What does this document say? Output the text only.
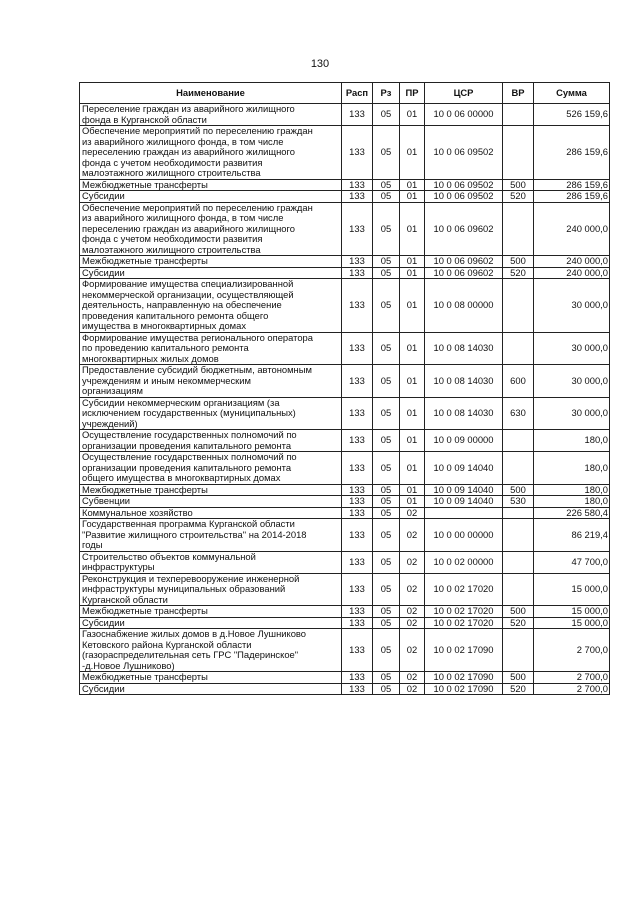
130
Наименование	Расп	Рз	ПР	ЦСР	ВР	Сумма
Переселение граждан из аварийного жилищного
фонда в Курганской области	133	05	01	10 0 06 00000		526 159,6
Обеспечение мероприятий по переселению граждан
из аварийного жилищного фонда, в том числе
переселению граждан из аварийного жилищного
фонда с учетом необходимости развития
малоэтажного жилищного строительства	133	05	01	10 0 06 09502		286 159,6
Межбюджетные трансферты	133	05	01	10 0 06 09502	500	286 159,6
Субсидии	133	05	01	10 0 06 09502	520	286 159,6
Обеспечение мероприятий по переселению граждан
из аварийного жилищного фонда, в том числе
переселению граждан из аварийного жилищного
фонда с учетом необходимости развития
малоэтажного жилищного строительства	133	05	01	10 0 06 09602		240 000,0
Межбюджетные трансферты	133	05	01	10 0 06 09602	500	240 000,0
Субсидии	133	05	01	10 0 06 09602	520	240 000,0
Формирование имущества специализированной
некоммерческой организации, осуществляющей
деятельность, направленную на обеспечение
проведения капитального ремонта общего
имущества в многоквартирных домах	133	05	01	10 0 08 00000		30 000,0
Формирование имущества регионального оператора
по проведению капитального ремонта
многоквартирных жилых домов	133	05	01	10 0 08 14030		30 000,0
Предоставление субсидий бюджетным, автономным
учреждениям и иным некоммерческим
организациям	133	05	01	10 0 08 14030	600	30 000,0
Субсидии некоммерческим организациям (за
исключением государственных (муниципальных)
учреждений)	133	05	01	10 0 08 14030	630	30 000,0
Осуществление государственных полномочий по
организации проведения капитального ремонта	133	05	01	10 0 09 00000		180,0
Осуществление государственных полномочий по
организации проведения капитального ремонта
общего имущества в многоквартирных домах	133	05	01	10 0 09 14040		180,0
Межбюджетные трансферты	133	05	01	10 0 09 14040	500	180,0
Субвенции	133	05	01	10 0 09 14040	530	180,0
Коммунальное хозяйство	133	05	02			226 580,4
Государственная программа Курганской области
"Развитие жилищного строительства" на 2014-2018
годы	133	05	02	10 0 00 00000		86 219,4
Строительство объектов коммунальной
инфраструктуры	133	05	02	10 0 02 00000		47 700,0
Реконструкция и техперевооружение инженерной
инфраструктуры муниципальных образований
Курганской области	133	05	02	10 0 02 17020		15 000,0
Межбюджетные трансферты	133	05	02	10 0 02 17020	500	15 000,0
Субсидии	133	05	02	10 0 02 17020	520	15 000,0
Газоснабжение жилых домов в д.Новое Лушниково
Кетовского района Курганской области
(газораспределительная сеть ГРС "Падеринское"
-д.Новое Лушниково)	133	05	02	10 0 02 17090		2 700,0
Межбюджетные трансферты	133	05	02	10 0 02 17090	500	2 700,0
Субсидии	133	05	02	10 0 02 17090	520	2 700,0
